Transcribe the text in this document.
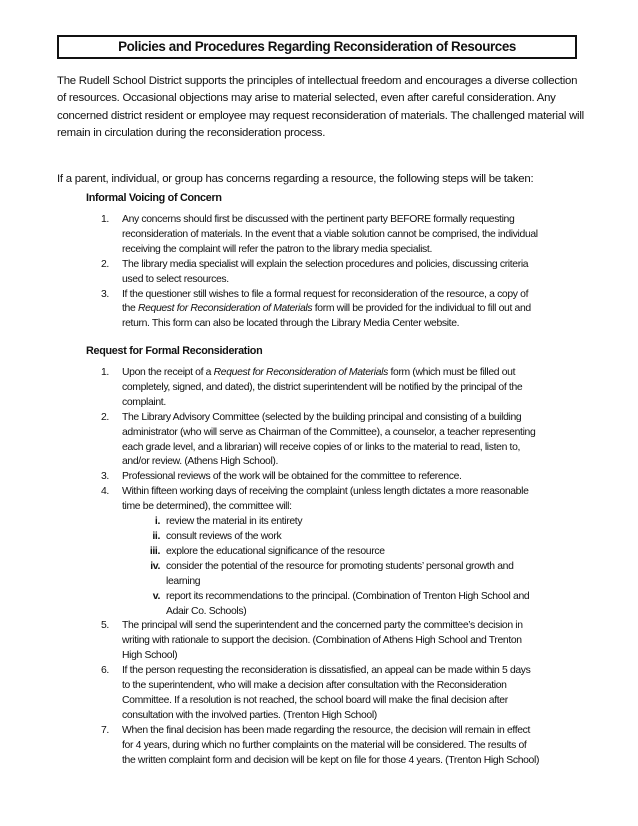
Policies and Procedures Regarding Reconsideration of Resources
The Rudell School District supports the principles of intellectual freedom and encourages a diverse collection of resources. Occasional objections may arise to material selected, even after careful consideration. Any concerned district resident or employee may request reconsideration of materials. The challenged material will remain in circulation during the reconsideration process.
If a parent, individual, or group has concerns regarding a resource, the following steps will be taken:
Informal Voicing of Concern
1.	Any concerns should first be discussed with the pertinent party BEFORE formally requesting reconsideration of materials. In the event that a viable solution cannot be comprised, the individual receiving the complaint will refer the patron to the library media specialist.
2.	The library media specialist will explain the selection procedures and policies, discussing criteria used to select resources.
3.	If the questioner still wishes to file a formal request for reconsideration of the resource, a copy of the Request for Reconsideration of Materials form will be provided for the individual to fill out and return. This form can also be located through the Library Media Center website.
Request for Formal Reconsideration
1.	Upon the receipt of a Request for Reconsideration of Materials form (which must be filled out completely, signed, and dated), the district superintendent will be notified by the principal of the complaint.
2.	The Library Advisory Committee (selected by the building principal and consisting of a building administrator (who will serve as Chairman of the Committee), a counselor, a teacher representing each grade level, and a librarian) will receive copies of or links to the material to read, listen to, and/or review. (Athens High School).
3.	Professional reviews of the work will be obtained for the committee to reference.
4.	Within fifteen working days of receiving the complaint (unless length dictates a more reasonable time be determined), the committee will:
i. review the material in its entirety
ii. consult reviews of the work
iii. explore the educational significance of the resource
iv. consider the potential of the resource for promoting students’ personal growth and learning
v. report its recommendations to the principal. (Combination of Trenton High School and Adair Co. Schools)
5.	The principal will send the superintendent and the concerned party the committee’s decision in writing with rationale to support the decision. (Combination of Athens High School and Trenton High School)
6.	If the person requesting the reconsideration is dissatisfied, an appeal can be made within 5 days to the superintendent, who will make a decision after consultation with the Reconsideration Committee. If a resolution is not reached, the school board will make the final decision after consultation with the involved parties. (Trenton High School)
7.	When the final decision has been made regarding the resource, the decision will remain in effect for 4 years, during which no further complaints on the material will be considered. The results of the written complaint form and decision will be kept on file for those 4 years. (Trenton High School)
